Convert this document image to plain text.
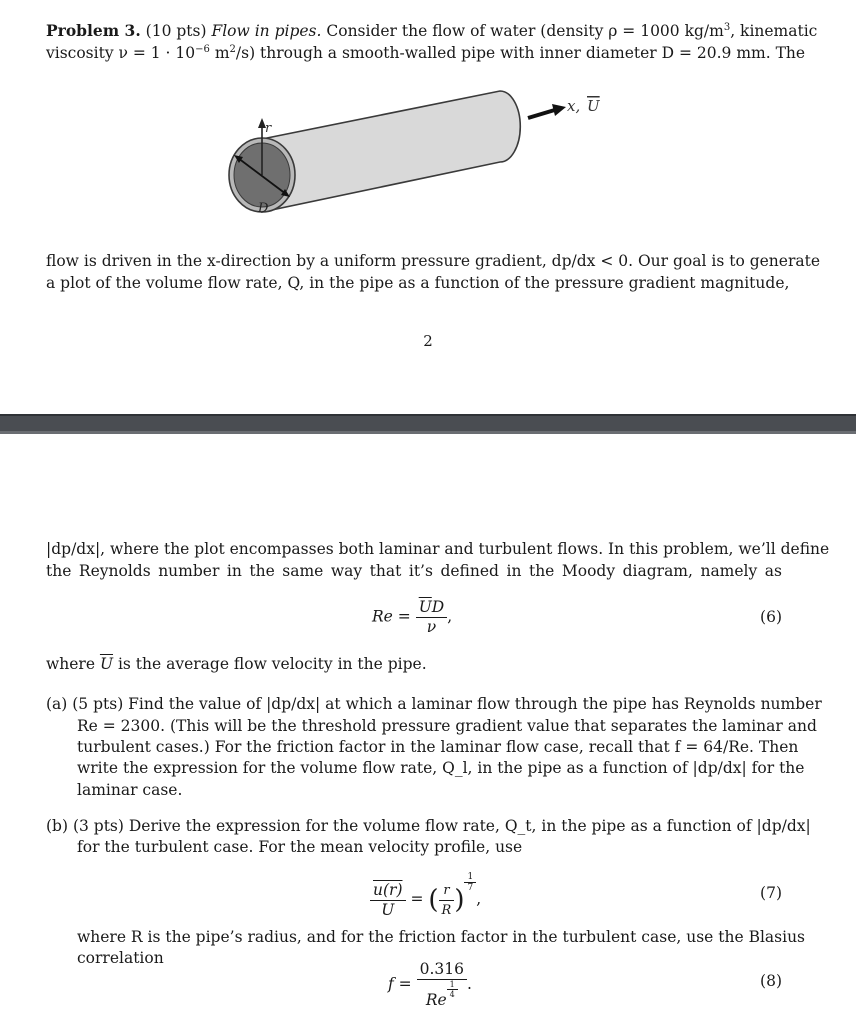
Problem 3. (10 pts) Flow in pipes. Consider the flow of water (density ρ = 1000 $kg/m^3$, kinematic
viscosity $\nu = 1 \cdot 10^{-6}$ $m^2/s$) through a smooth-walled pipe with inner diameter D = 20.9 mm. The
r
D
x, U
flow is driven in the x-direction by a uniform pressure gradient, dp/dx < 0. Our goal is to generate
a plot of the volume flow rate, Q, in the pipe as a function of the pressure gradient magnitude,
2
|dp/dx|, where the plot encompasses both laminar and turbulent flows. In this problem, we’ll define
the Reynolds number in the same way that it’s defined in the Moody diagram, namely as
$Re = \frac{\overline{U}D}{\nu}$ ,	(6)
where $\overline{U}$ is the average flow velocity in the pipe.
(a) (5 pts) Find the value of |dp/dx| at which a laminar flow through the pipe has Reynolds number
Re = 2300. (This will be the threshold pressure gradient value that separates the laminar and
turbulent cases.) For the friction factor in the laminar flow case, recall that f = 64/Re. Then
write the expression for the volume flow rate, Q_l, in the pipe as a function of |dp/dx| for the
laminar case.
(b) (3 pts) Derive the expression for the volume flow rate, Q_t, in the pipe as a function of |dp/dx|
for the turbulent case. For the mean velocity profile, use
$\frac{u(r)}{U}$ = ( $\frac{r}{R}$ )
$\frac{1}{7}$
,	(7)
where R is the pipe’s radius, and for the friction factor in the turbulent case, use the Blasius
correlation
f = 0.316
Re
$\frac{1}{4}$ .	(8)
